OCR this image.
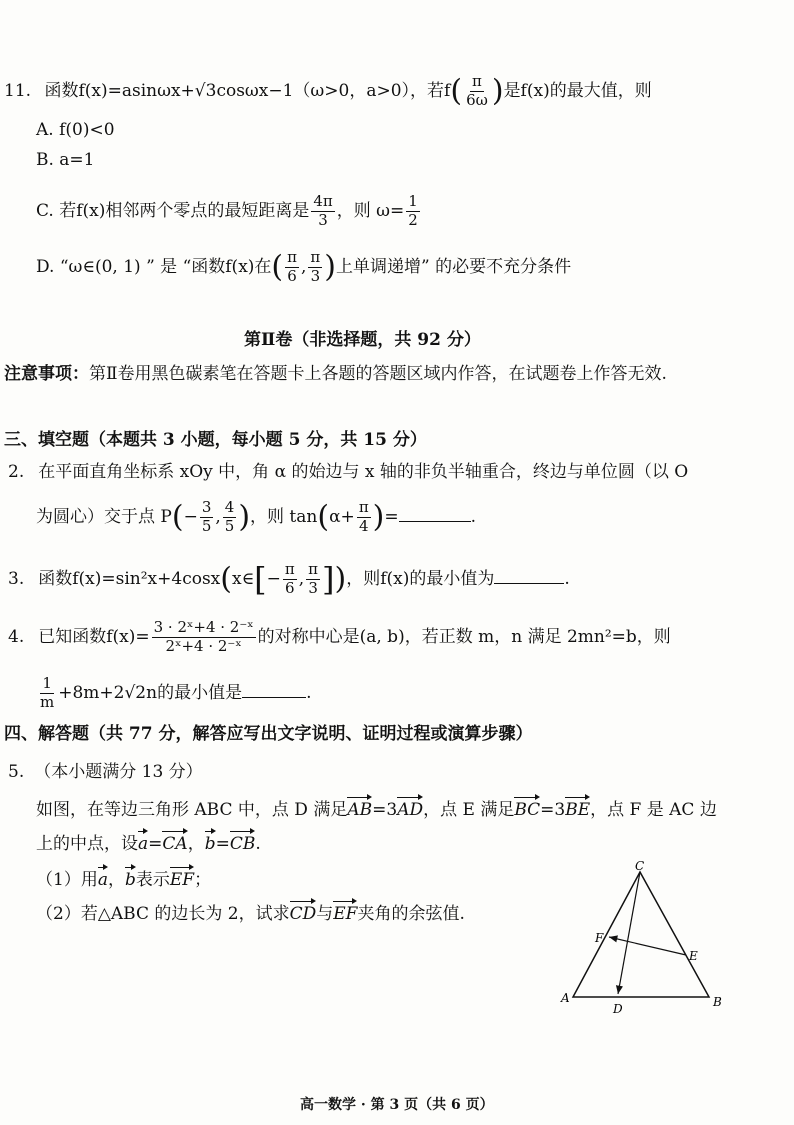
11. 函数f(x)=asinωx+√3cosωx−1（ω>0，a>0），若$f( \frac{\pi}{6\omega}$ )是f(x)的最大值，则
A. f(0)<0
B. a=1
C. 若f(x)相邻两个零点的最短距离是 $\frac{4\pi}{3}$ ，则 $\omega= \frac{1}{2}$
D. “ω∈(0, 1) ” 是 “函数f(x)在( $\frac{\pi}{6}$ , $\frac{\pi}{3}$ )上单调递增” 的必要不充分条件
第Ⅱ卷（非选择题，共 92 分）
注意事项：第Ⅱ卷用黑色碳素笔在答题卡上各题的答题区域内作答，在试题卷上作答无效.
三、填空题（本题共 3 小题，每小题 5 分，共 15 分）
2. 在平面直角坐标系 xOy 中，角 α 的始边与 x 轴的非负半轴重合，终边与单位圆（以 O
为圆心）交于点 $P(- \frac{3}{5}$ , $\frac{4}{5}$ )，则 $\tan(\alpha+ \frac{\pi}{4}$ )=	.
3. 函数f(x)=sin²x+4cosx(x∈[− $\frac{\pi}{6}$ , $\frac{\pi}{3}$ ])，则f(x)的最小值为	.
4. 已知函数$f(x)= \frac{\text{3 · 2ˣ+4 · 2⁻ˣ}}{\text{2ˣ+4 · 2⁻ˣ}}$ 的对称中心是(a, b)，若正数 m，n 满足 2mn²=b，则
$\frac{1}{m} +8m+2√2n$的最小值是	.
四、解答题（共 77 分，解答应写出文字说明、证明过程或演算步骤）
5. （本小题满分 13 分）
如图，在等边三角形 ABC 中，点 D 满足AB=3AD，点 E 满足BC=3BE，点 F 是 AC 边
上的中点，设a=CA，b=CB.
（1）用a，b表示EF；
（2）若△ABC 的边长为 2，试求CD与EF夹角的余弦值.
C
F
E
A
D	B
高一数学 · 第 3 页（共 6 页）
